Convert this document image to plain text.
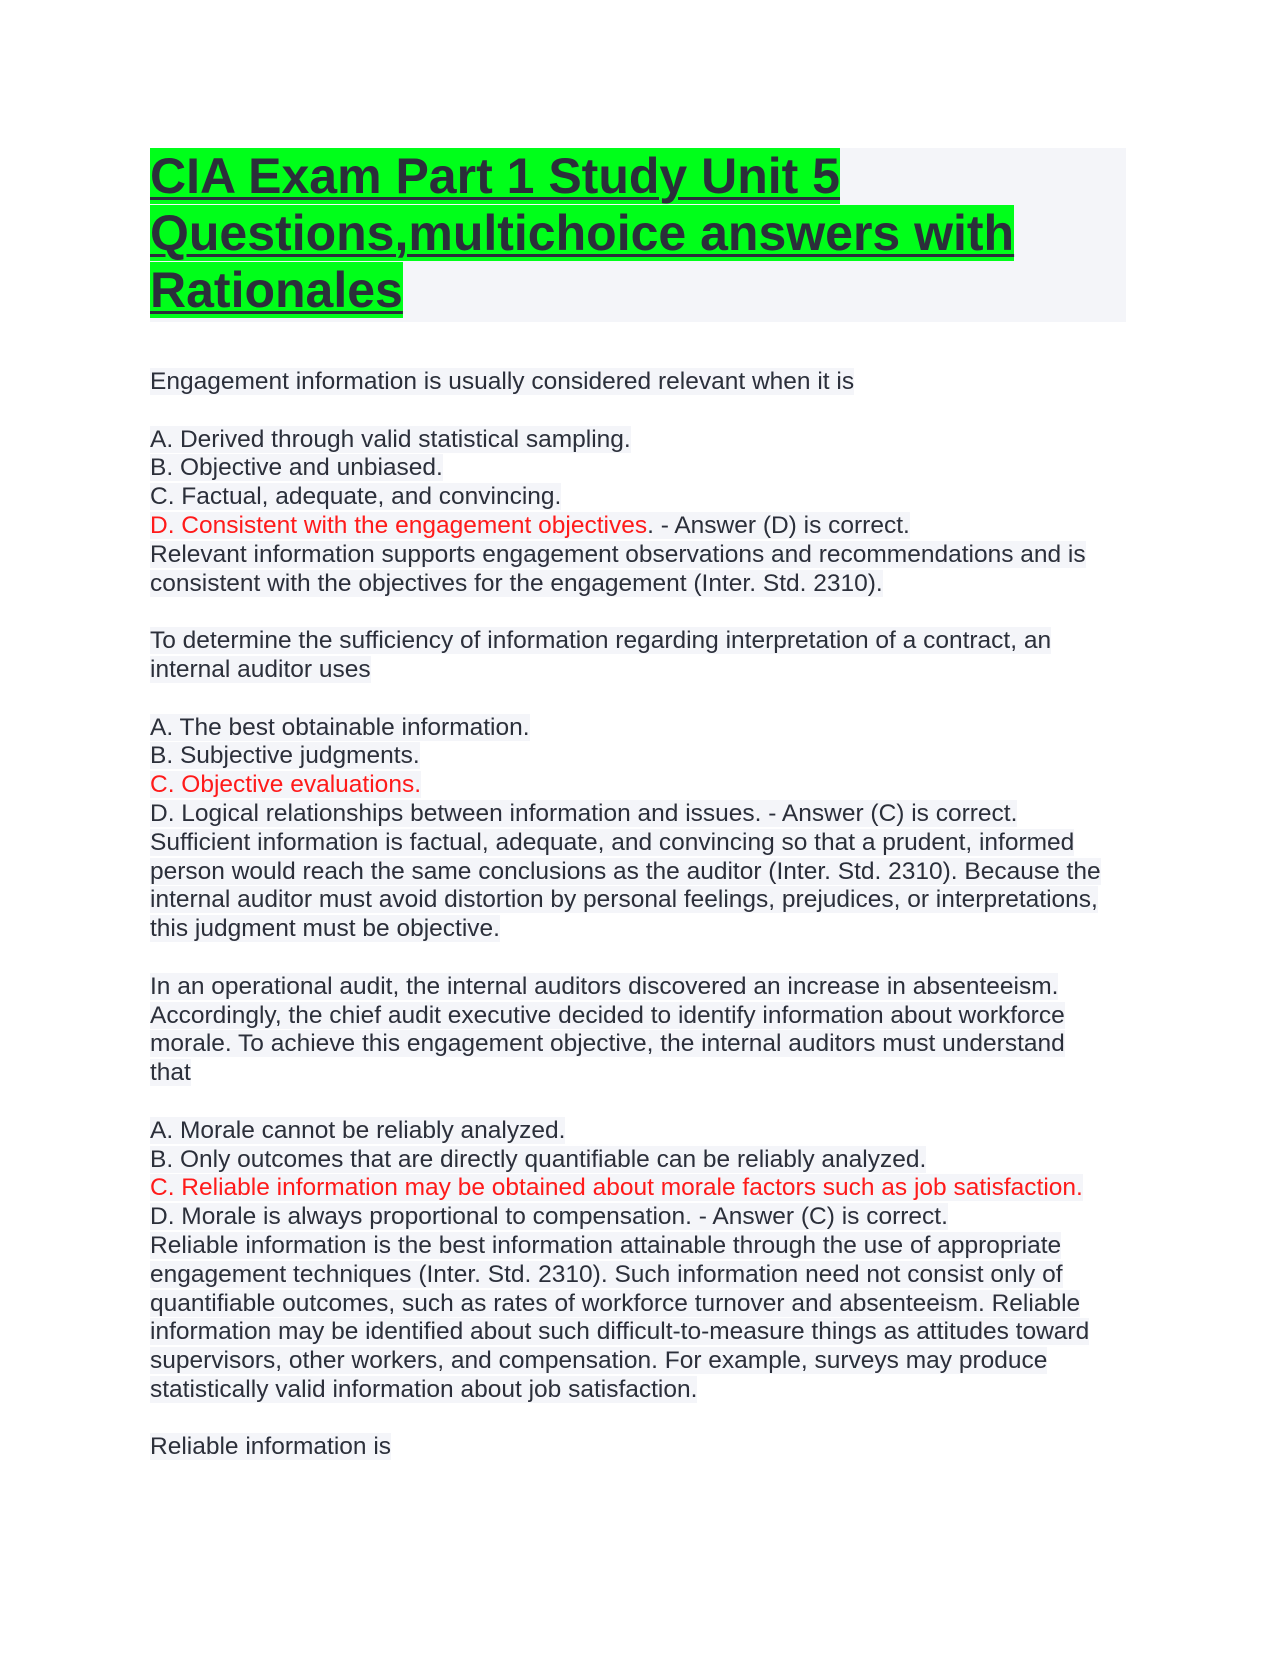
CIA Exam Part 1 Study Unit 5
Questions,multichoice answers with
Rationales
Engagement information is usually considered relevant when it is
A. Derived through valid statistical sampling.
B. Objective and unbiased.
C. Factual, adequate, and convincing.
D. Consistent with the engagement objectives. - Answer (D) is correct.
Relevant information supports engagement observations and recommendations and is
consistent with the objectives for the engagement (Inter. Std. 2310).
To determine the sufficiency of information regarding interpretation of a contract, an
internal auditor uses
A. The best obtainable information.
B. Subjective judgments.
C. Objective evaluations.
D. Logical relationships between information and issues. - Answer (C) is correct.
Sufficient information is factual, adequate, and convincing so that a prudent, informed
person would reach the same conclusions as the auditor (Inter. Std. 2310). Because the
internal auditor must avoid distortion by personal feelings, prejudices, or interpretations,
this judgment must be objective.
In an operational audit, the internal auditors discovered an increase in absenteeism.
Accordingly, the chief audit executive decided to identify information about workforce
morale. To achieve this engagement objective, the internal auditors must understand
that
A. Morale cannot be reliably analyzed.
B. Only outcomes that are directly quantifiable can be reliably analyzed.
C. Reliable information may be obtained about morale factors such as job satisfaction.
D. Morale is always proportional to compensation. - Answer (C) is correct.
Reliable information is the best information attainable through the use of appropriate
engagement techniques (Inter. Std. 2310). Such information need not consist only of
quantifiable outcomes, such as rates of workforce turnover and absenteeism. Reliable
information may be identified about such difficult-to-measure things as attitudes toward
supervisors, other workers, and compensation. For example, surveys may produce
statistically valid information about job satisfaction.
Reliable information is
